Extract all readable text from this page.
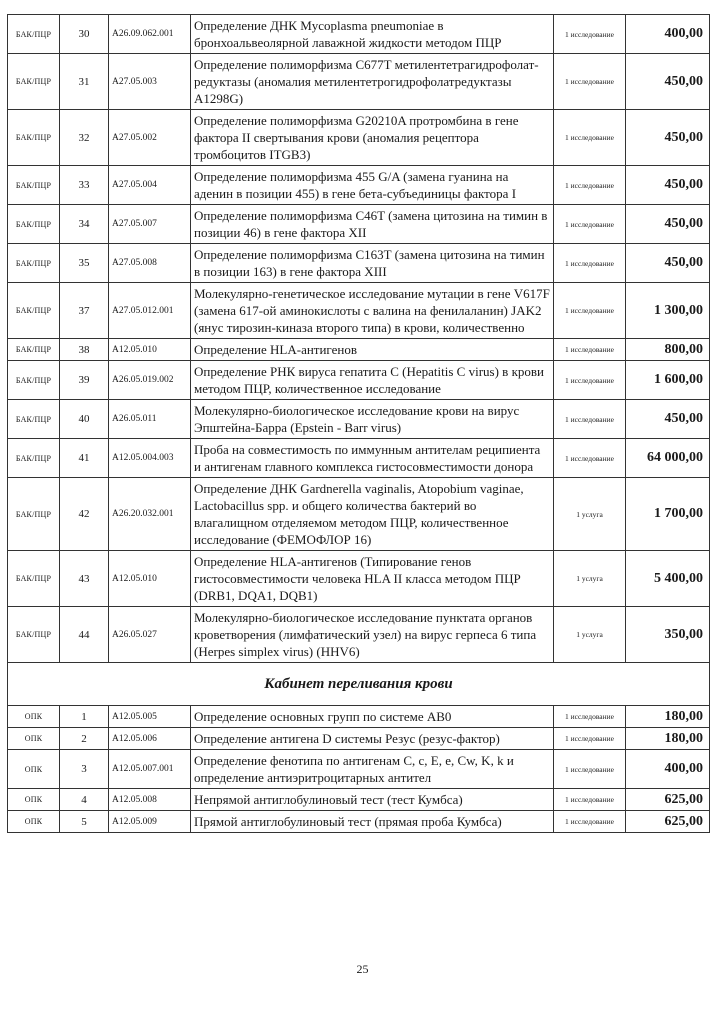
БАК/ПЦР	30	А26.09.062.001	Определение ДНК Mycoplasma pneumoniae в бронхоальвеолярной лаважной жидкости методом ПЦР	1 исследование	400,00
БАК/ПЦР	31	А27.05.003	Определение полиморфизма C677T метилентетрагидрофолат-редуктазы (аномалия метилентетрогидрофолатредуктазы A1298G)	1 исследование	450,00
БАК/ПЦР	32	А27.05.002	Определение полиморфизма G20210A протромбина в гене фактора II свертывания крови (аномалия рецептора тромбоцитов ITGB3)	1 исследование	450,00
БАК/ПЦР	33	А27.05.004	Определение полиморфизма 455 G/A (замена гуанина на аденин в позиции 455) в гене бета-субъединицы фактора I	1 исследование	450,00
БАК/ПЦР	34	А27.05.007	Определение полиморфизма C46T (замена цитозина на тимин в позиции 46) в гене фактора XII	1 исследование	450,00
БАК/ПЦР	35	А27.05.008	Определение полиморфизма C163T (замена цитозина на тимин в позиции 163) в гене фактора XIII	1 исследование	450,00
БАК/ПЦР	37	А27.05.012.001	Молекулярно-генетическое исследование мутации в гене V617F (замена 617-ой аминокислоты с валина на фенилаланин) JAK2 (янус тирозин-киназа второго типа) в крови, количественно	1 исследование	1 300,00
БАК/ПЦР	38	А12.05.010	Определение HLA-антигенов	1 исследование	800,00
БАК/ПЦР	39	А26.05.019.002	Определение РНК вируса гепатита С (Hepatitis C virus) в крови методом ПЦР, количественное исследование	1 исследование	1 600,00
БАК/ПЦР	40	А26.05.011	Молекулярно-биологическое исследование крови на вирус Эпштейна-Барра (Epstein - Barr virus)	1 исследование	450,00
БАК/ПЦР	41	А12.05.004.003	Проба на совместимость по иммунным антителам реципиента и антигенам главного комплекса гистосовместимости донора	1 исследование	64 000,00
БАК/ПЦР	42	А26.20.032.001	Определение ДНК Gardnerella vaginalis, Atopobium vaginae, Lactobacillus spp. и общего количества бактерий во влагалищном отделяемом методом ПЦР, количественное исследование (ФЕМОФЛОР 16)	1 услуга	1 700,00
БАК/ПЦР	43	А12.05.010	Определение HLA-антигенов (Типирование генов гистосовместимости человека HLA II класса методом ПЦР (DRB1, DQA1, DQB1)	1 услуга	5 400,00
БАК/ПЦР	44	А26.05.027	Молекулярно-биологическое исследование пунктата органов кроветворения (лимфатический узел) на вирус герпеса 6 типа (Herpes simplex virus) (HHV6)	1 услуга	350,00
Кабинет переливания крови					
ОПК	1	А12.05.005	Определение основных групп по системе AB0	1 исследование	180,00
ОПК	2	А12.05.006	Определение антигена D системы Резус (резус-фактор)	1 исследование	180,00
ОПК	3	А12.05.007.001	Определение фенотипа по антигенам C, c, E, e, Cw, K, k и определение антиэритроцитарных антител	1 исследование	400,00
ОПК	4	А12.05.008	Непрямой антиглобулиновый тест (тест Кумбса)	1 исследование	625,00
ОПК	5	А12.05.009	Прямой антиглобулиновый тест (прямая проба Кумбса)	1 исследование	625,00
25
